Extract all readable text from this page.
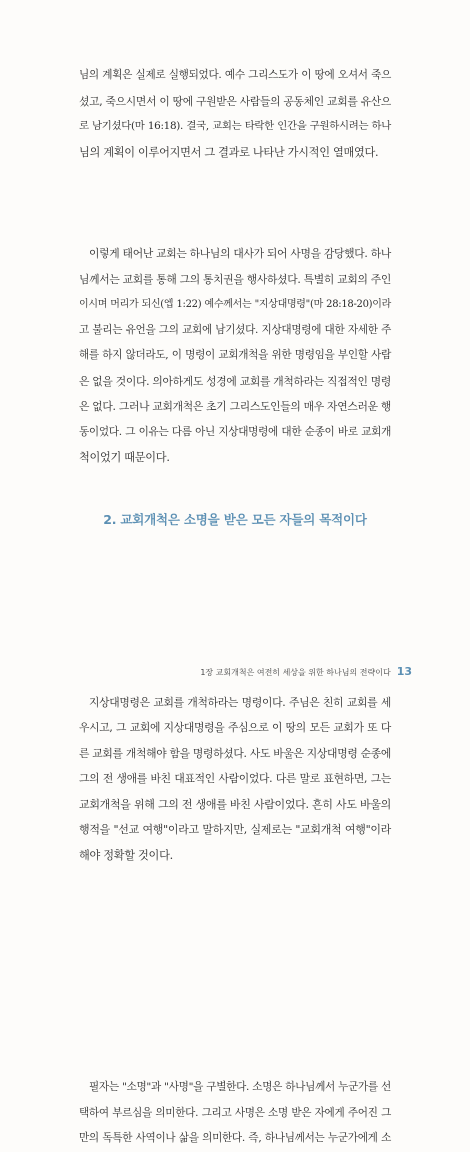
님의 계획은 실제로 실행되었다. 예수 그리스도가 이 땅에 오셔서 죽으
셨고, 죽으시면서 이 땅에 구원받은 사람들의 공동체인 교회를 유산으
로 남기셨다(마 16:18). 결국, 교회는 타락한 인간을 구원하시려는 하나
님의 계획이 이루어지면서 그 결과로 나타난 가시적인 열매였다.
이렇게 태어난 교회는 하나님의 대사가 되어 사명을 감당했다. 하나
님께서는 교회를 통해 그의 통치권을 행사하셨다. 특별히 교회의 주인
이시며 머리가 되신(엡 1:22) 예수께서는 "지상대명령"(마 28:18-20)이라
고 불리는 유언을 그의 교회에 남기셨다. 지상대명령에 대한 자세한 주
해를 하지 않더라도, 이 명령이 교회개척을 위한 명령임을 부인할 사람
은 없을 것이다. 의아하게도 성경에 교회를 개척하라는 직접적인 명령
은 없다. 그러나 교회개척은 초기 그리스도인들의 매우 자연스러운 행
동이었다. 그 이유는 다름 아닌 지상대명령에 대한 순종이 바로 교회개
척이었기 때문이다.
지상대명령은 교회를 개척하라는 명령이다. 주님은 친히 교회를 세
우시고, 그 교회에 지상대명령을 주심으로 이 땅의 모든 교회가 또 다
른 교회를 개척해야 함을 명령하셨다. 사도 바울은 지상대명령 순종에
그의 전 생애를 바친 대표적인 사람이었다. 다른 말로 표현하면, 그는
교회개척을 위해 그의 전 생애를 바친 사람이었다. 흔히 사도 바울의
행적을 "선교 여행"이라고 말하지만, 실제로는 "교회개척 여행"이라
해야 정확할 것이다.
2. 교회개척은 소명을 받은 모든 자들의 목적이다
필자는 "소명"과 "사명"을 구별한다. 소명은 하나님께서 누군가를 선
택하여 부르심을 의미한다. 그리고 사명은 소명 받은 자에게 주어진 그
만의 독특한 사역이나 삶을 의미한다. 즉, 하나님께서는 누군가에게 소
1장 교회개척은 여전히 세상을 위한 하나님의 전략이다 13
